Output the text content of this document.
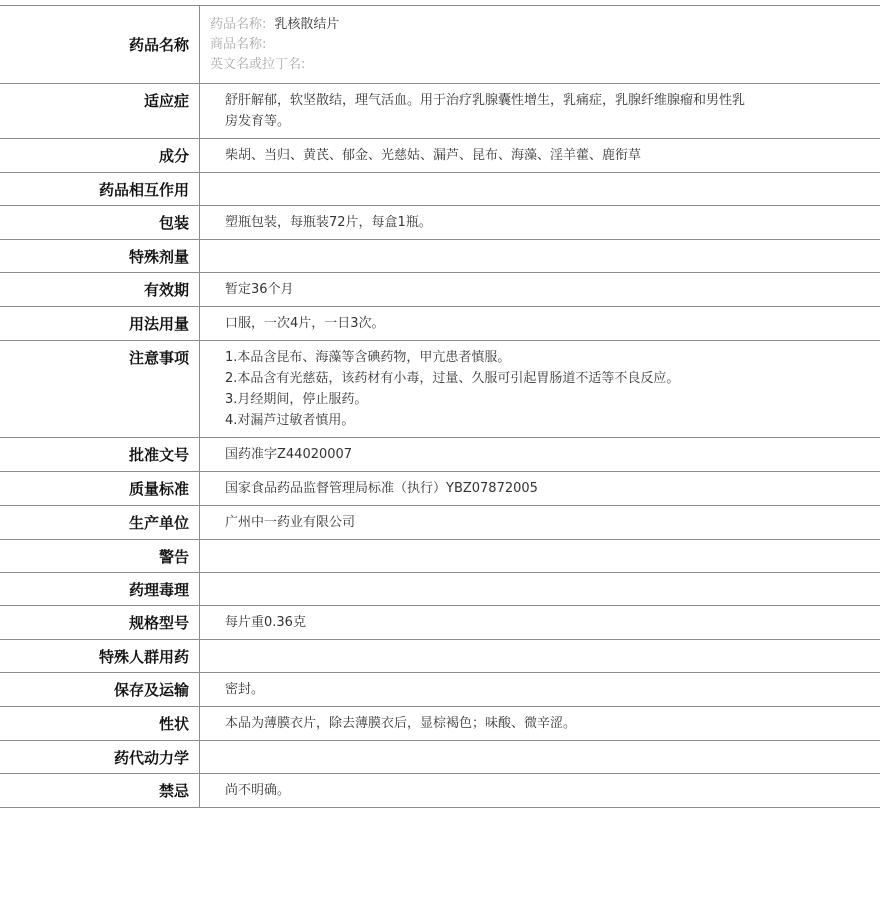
药品名称
药品名称: 乳核散结片
商品名称:
英文名或拉丁名:
适应症	舒肝解郁，软坚散结，理气活血。用于治疗乳腺囊性增生，乳痛症，乳腺纤维腺瘤和男性乳
房发育等。
成分	柴胡、当归、黄芪、郁金、光慈姑、漏芦、昆布、海藻、淫羊藿、鹿衔草
药品相互作用
包装	塑瓶包装，每瓶装72片，每盒1瓶。
特殊剂量
有效期	暂定36个月
用法用量	口服，一次4片，一日3次。
注意事项	1.本品含昆布、海藻等含碘药物，甲亢患者慎服。
2.本品含有光慈菇，该药材有小毒，过量、久服可引起胃肠道不适等不良反应。
3.月经期间，停止服药。
4.对漏芦过敏者慎用。
批准文号	国药准字Z44020007
质量标准	国家食品药品监督管理局标准（执行）YBZ07872005
生产单位	广州中一药业有限公司
警告
药理毒理
规格型号	每片重0.36克
特殊人群用药
保存及运输	密封。
性状	本品为薄膜衣片，除去薄膜衣后，显棕褐色；味酸、微辛涩。
药代动力学
禁忌	尚不明确。
